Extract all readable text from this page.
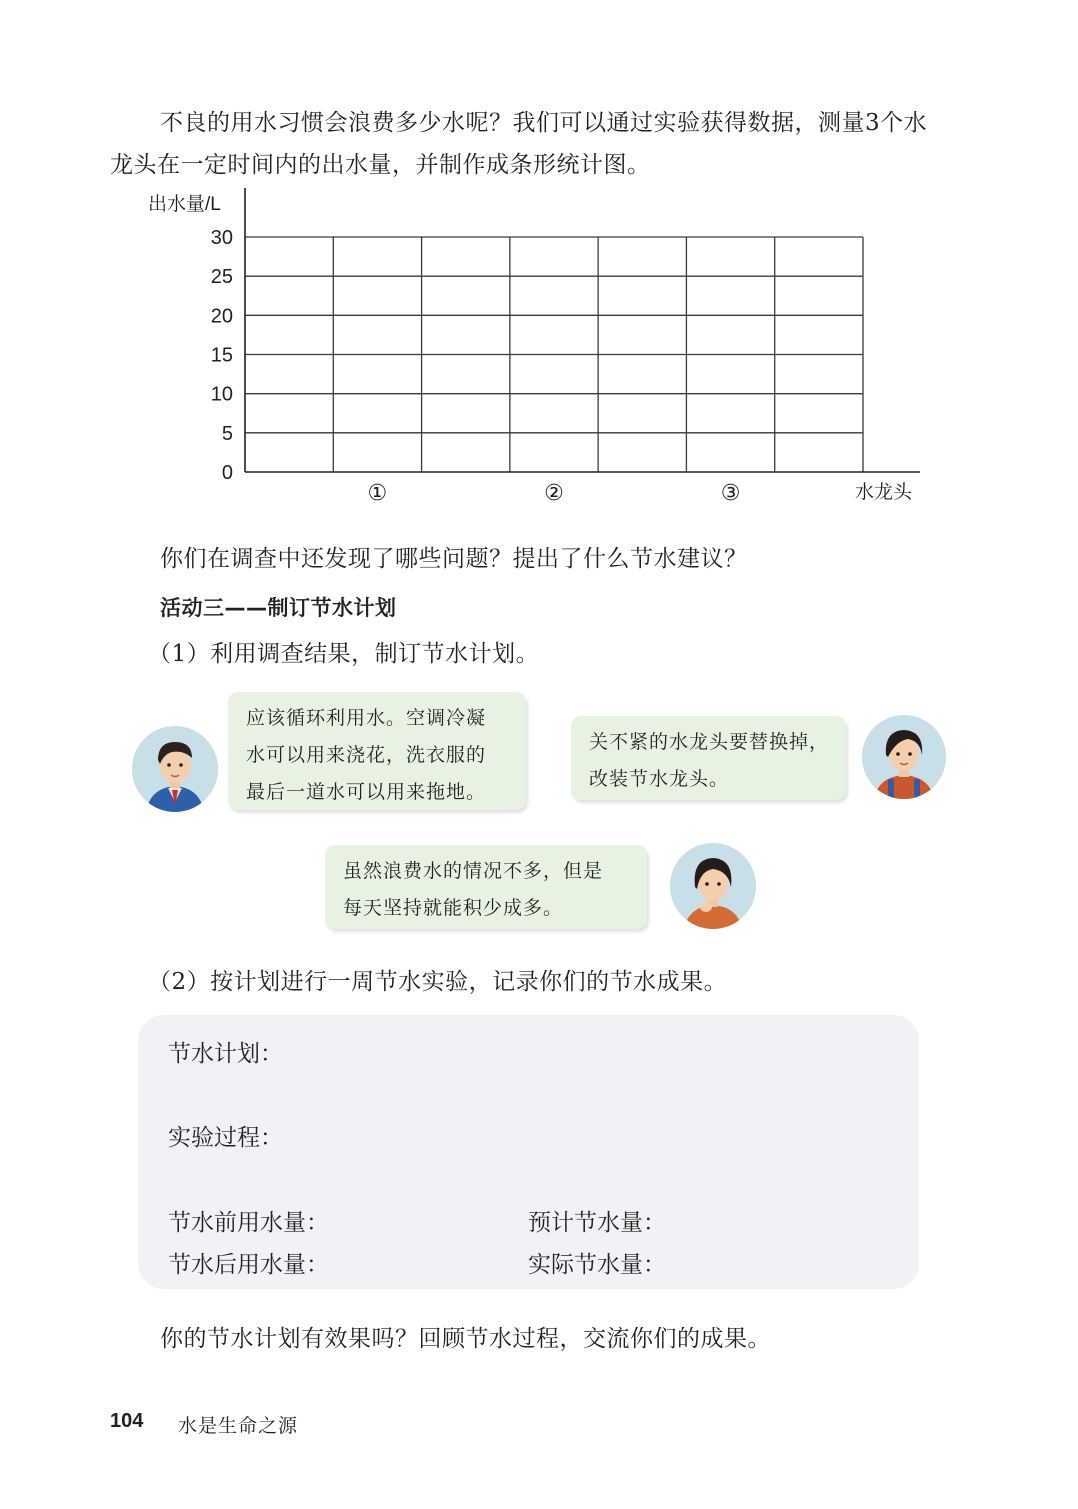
不良的用水习惯会浪费多少水呢？我们可以通过实验获得数据，测量3个水
龙头在一定时间内的出水量，并制作成条形统计图。
0
5
10
15
20
25
30
出水量/L
①	②	③	水龙头
你们在调查中还发现了哪些问题？提出了什么节水建议？
活动三——制订节水计划
（1）利用调查结果，制订节水计划。
应该循环利用水。空调冷凝
水可以用来浇花，洗衣服的
最后一道水可以用来拖地。
关不紧的水龙头要替换掉，
改装节水龙头。
虽然浪费水的情况不多，但是
每天坚持就能积少成多。
（2）按计划进行一周节水实验，记录你们的节水成果。
节水计划：
实验过程：
节水前用水量：	预计节水量：
节水后用水量：	实际节水量：
你的节水计划有效果吗？回顾节水过程，交流你们的成果。
104 水是生命之源
